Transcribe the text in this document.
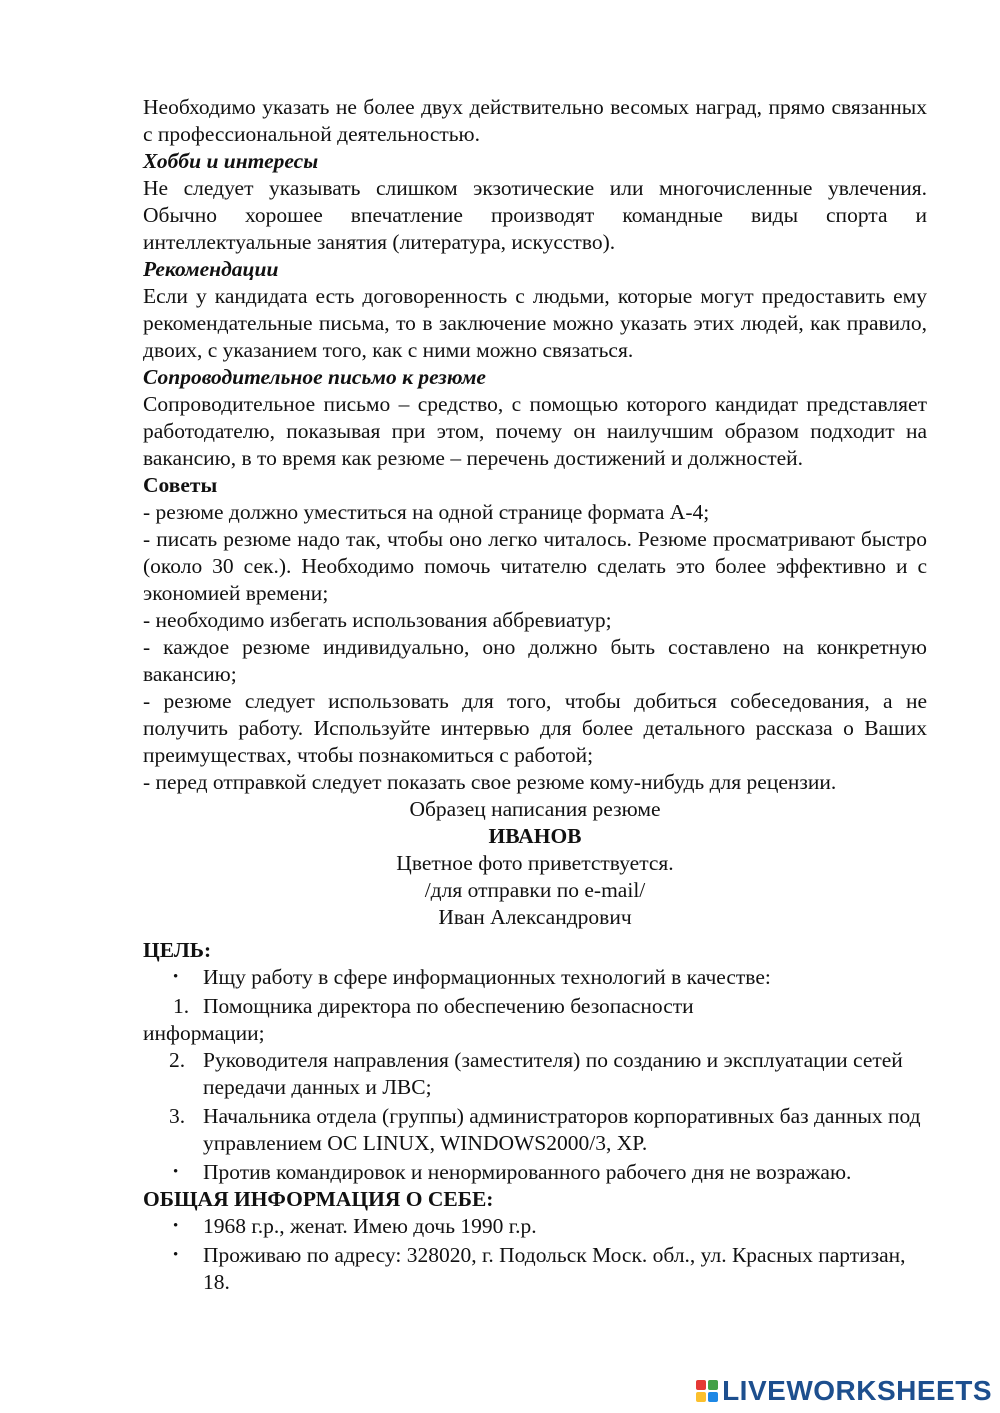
Необходимо указать не более двух действительно весомых наград, прямо связанных с профессиональной деятельностью.
Хобби и интересы
Не следует указывать слишком экзотические или многочисленные увлечения. Обычно хорошее впечатление производят командные виды спорта и интеллектуальные занятия (литература, искусство).
Рекомендации
Если у кандидата есть договоренность с людьми, которые могут предоставить ему рекомендательные письма, то в заключение можно указать этих людей, как правило, двоих, с указанием того, как с ними можно связаться.
Сопроводительное письмо к резюме
Сопроводительное письмо – средство, с помощью которого кандидат представляет работодателю, показывая при этом, почему он наилучшим образом подходит на вакансию, в то время как резюме – перечень достижений и должностей.
Советы

- резюме должно уместиться на одной странице формата А-4;

- писать резюме надо так, чтобы оно легко читалось. Резюме просматривают быстро (около 30 сек.). Необходимо помочь читателю сделать это более эффективно и с экономией времени;

- необходимо избегать использования аббревиатур;

- каждое резюме индивидуально, оно должно быть составлено на конкретную вакансию;

- резюме следует использовать для того, чтобы добиться собеседования, а не получить работу. Используйте интервью для более детального рассказа о Ваших преимуществах, чтобы познакомиться с работой;

- перед отправкой следует показать свое резюме кому-нибудь для рецензии.

Образец написания резюме
ИВАНОВ
Цветное фото приветствуется.
/для отправки по e-mail/
Иван Александрович
ЦЕЛЬ:
• Ищу работу в сфере информационных технологий в качестве:
1. Помощника директора по обеспечению безопасности
информации;
2. Руководителя направления (заместителя) по созданию и эксплуатации сетей передачи данных и ЛВС;
3. Начальника отдела (группы) администраторов корпоративных баз данных под управлением ОС LINUX, WINDOWS2000/3, XP.
• Против командировок и ненормированного рабочего дня не возражаю.
ОБЩАЯ ИНФОРМАЦИЯ О СЕБЕ:
• 1968 г.р., женат. Имею дочь 1990 г.р.
• Проживаю по адресу: 328020, г. Подольск Моск. обл., ул. Красных партизан, 18.
LIVEWORKSHEETS
